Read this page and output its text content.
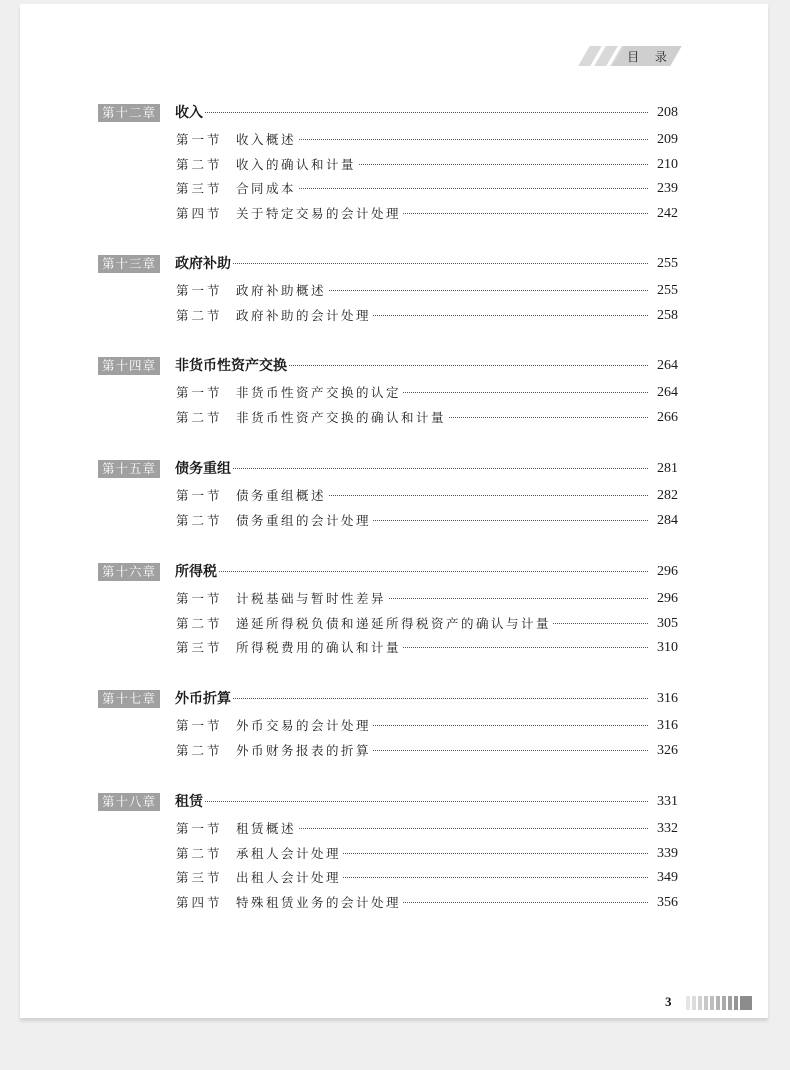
目 录
第十二章 收入	208
第一节 收入概述	209
第二节 收入的确认和计量	210
第三节 合同成本	239
第四节 关于特定交易的会计处理	242
第十三章 政府补助	255
第一节 政府补助概述	255
第二节 政府补助的会计处理	258
第十四章 非货币性资产交换	264
第一节 非货币性资产交换的认定	264
第二节 非货币性资产交换的确认和计量	266
第十五章 债务重组	281
第一节 债务重组概述	282
第二节 债务重组的会计处理	284
第十六章 所得税	296
第一节 计税基础与暂时性差异	296
第二节 递延所得税负债和递延所得税资产的确认与计量	305
第三节 所得税费用的确认和计量	310
第十七章 外币折算	316
第一节 外币交易的会计处理	316
第二节 外币财务报表的折算	326
第十八章 租赁	331
第一节 租赁概述	332
第二节 承租人会计处理	339
第三节 出租人会计处理	349
第四节 特殊租赁业务的会计处理	356
3
